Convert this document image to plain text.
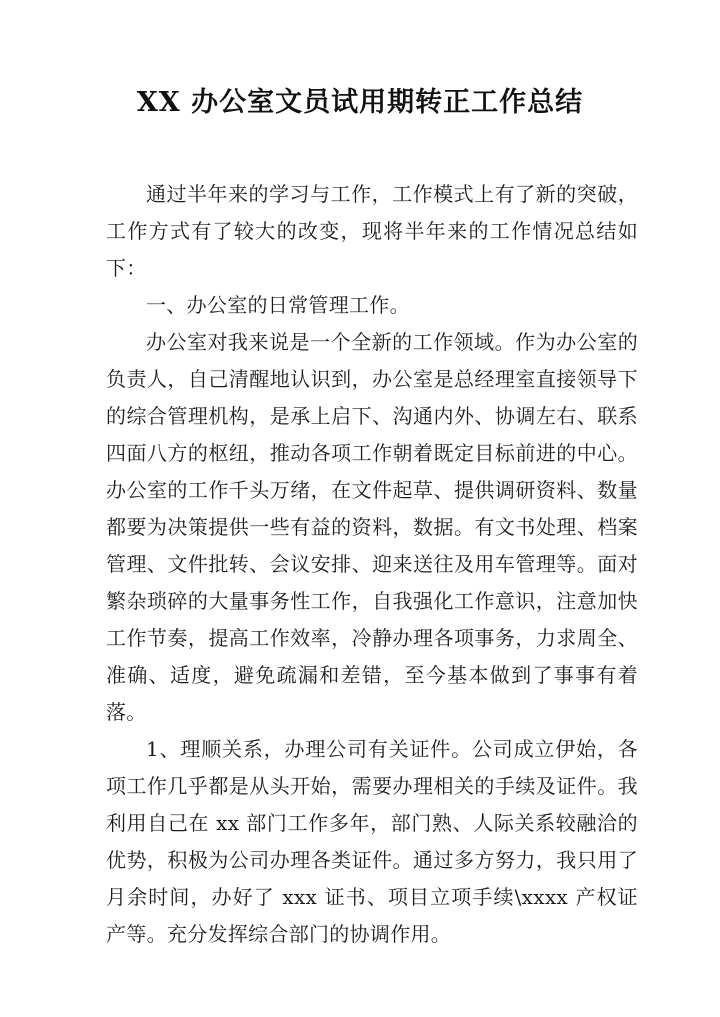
XX 办公室文员试用期转正工作总结

通过半年来的学习与工作，工作模式上有了新的突破，工作方式有了较大的改变，现将半年来的工作情况总结如下：

一、办公室的日常管理工作。

办公室对我来说是一个全新的工作领域。作为办公室的负责人，自己清醒地认识到，办公室是总经理室直接领导下的综合管理机构，是承上启下、沟通内外、协调左右、联系四面八方的枢纽，推动各项工作朝着既定目标前进的中心。办公室的工作千头万绪，在文件起草、提供调研资料、数量都要为决策提供一些有益的资料，数据。有文书处理、档案管理、文件批转、会议安排、迎来送往及用车管理等。面对繁杂琐碎的大量事务性工作，自我强化工作意识，注意加快工作节奏，提高工作效率，冷静办理各项事务，力求周全、准确、适度，避免疏漏和差错，至今基本做到了事事有着落。

1、理顺关系，办理公司有关证件。公司成立伊始，各项工作几乎都是从头开始，需要办理相关的手续及证件。我利用自己在 xx 部门工作多年，部门熟、人际关系较融洽的优势，积极为公司办理各类证件。通过多方努力，我只用了月余时间，办好了 xxx 证书、项目立项手续\xxxx 产权证产等。充分发挥综合部门的协调作用。
